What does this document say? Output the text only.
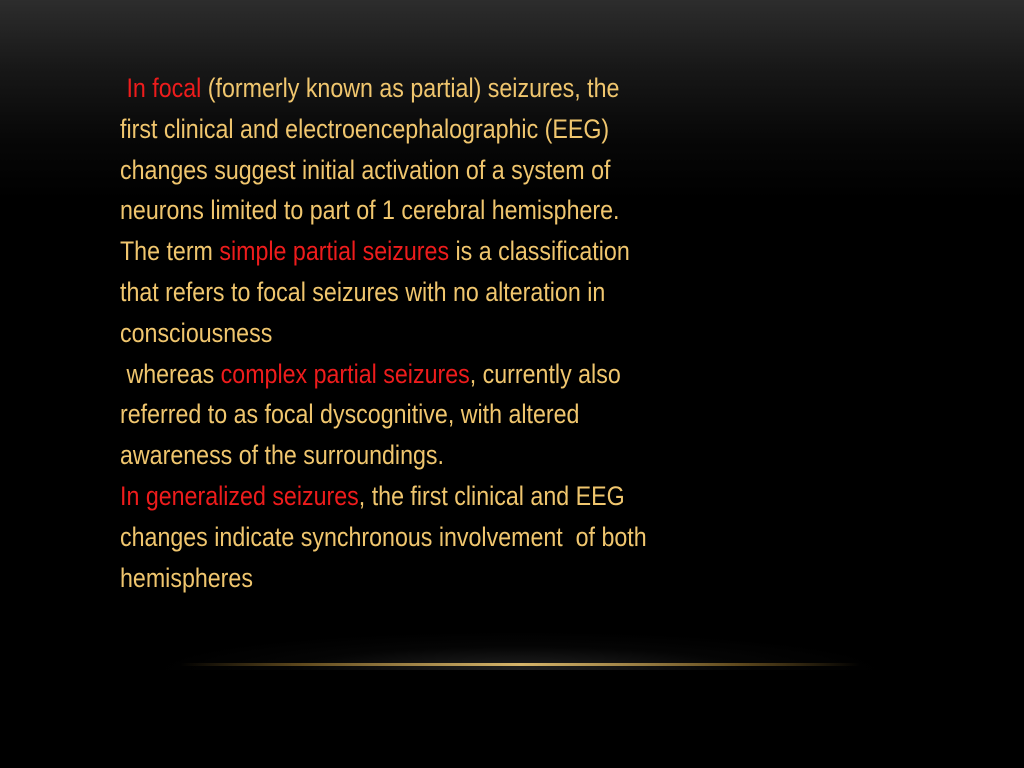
In focal (formerly known as partial) seizures, the
first clinical and electroencephalographic (EEG)
changes suggest initial activation of a system of
neurons limited to part of 1 cerebral hemisphere.
The term simple partial seizures is a classification
that refers to focal seizures with no alteration in
consciousness
whereas complex partial seizures, currently also
referred to as focal dyscognitive, with altered
awareness of the surroundings.
In generalized seizures, the first clinical and EEG
changes indicate synchronous involvement  of both
hemispheres
